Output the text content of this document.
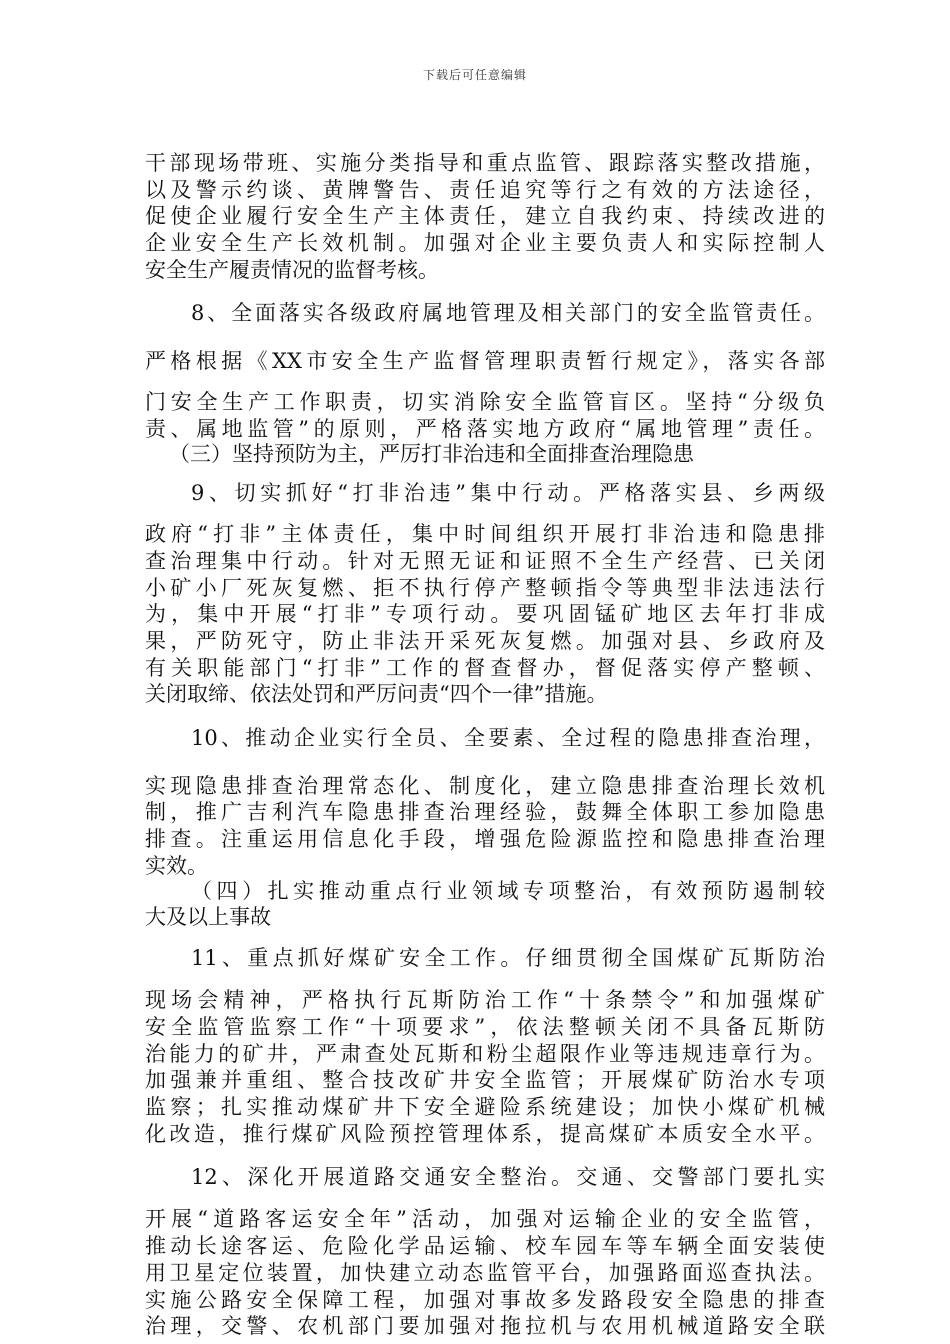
下载后可任意编辑
干部现场带班、实施分类指导和重点监管、跟踪落实整改措施，
以及警示约谈、黄牌警告、责任追究等行之有效的方法途径，
促使企业履行安全生产主体责任，建立自我约束、持续改进的
企业安全生产长效机制。加强对企业主要负责人和实际控制人
安全生产履责情况的监督考核。
8、全面落实各级政府属地管理及相关部门的安全监管责任。
严格根据《XX市安全生产监督管理职责暂行规定》，落实各部
门安全生产工作职责，切实消除安全监管盲区。坚持“分级负
责、属地监管”的原则，严格落实地方政府“属地管理”责任。
（三）坚持预防为主，严厉打非治违和全面排查治理隐患
9、切实抓好“打非治违”集中行动。严格落实县、乡两级
政府“打非”主体责任，集中时间组织开展打非治违和隐患排
查治理集中行动。针对无照无证和证照不全生产经营、已关闭
小矿小厂死灰复燃、拒不执行停产整顿指令等典型非法违法行
为，集中开展“打非”专项行动。要巩固锰矿地区去年打非成
果，严防死守，防止非法开采死灰复燃。加强对县、乡政府及
有关职能部门“打非”工作的督查督办，督促落实停产整顿、
关闭取缔、依法处罚和严厉问责“四个一律”措施。
10、推动企业实行全员、全要素、全过程的隐患排查治理，
实现隐患排查治理常态化、制度化，建立隐患排查治理长效机
制，推广吉利汽车隐患排查治理经验，鼓舞全体职工参加隐患
排查。注重运用信息化手段，增强危险源监控和隐患排查治理
实效。
（四）扎实推动重点行业领域专项整治，有效预防遏制较
大及以上事故
11、重点抓好煤矿安全工作。仔细贯彻全国煤矿瓦斯防治
现场会精神，严格执行瓦斯防治工作“十条禁令”和加强煤矿
安全监管监察工作“十项要求”，依法整顿关闭不具备瓦斯防
治能力的矿井，严肃查处瓦斯和粉尘超限作业等违规违章行为。
加强兼并重组、整合技改矿井安全监管；开展煤矿防治水专项
监察；扎实推动煤矿井下安全避险系统建设；加快小煤矿机械
化改造，推行煤矿风险预控管理体系，提高煤矿本质安全水平。
12、深化开展道路交通安全整治。交通、交警部门要扎实
开展“道路客运安全年”活动，加强对运输企业的安全监管，
推动长途客运、危险化学品运输、校车园车等车辆全面安装使
用卫星定位装置，加快建立动态监管平台，加强路面巡查执法。
实施公路安全保障工程，加强对事故多发路段安全隐患的排查
治理，交警、农机部门要加强对拖拉机与农用机械道路安全联
